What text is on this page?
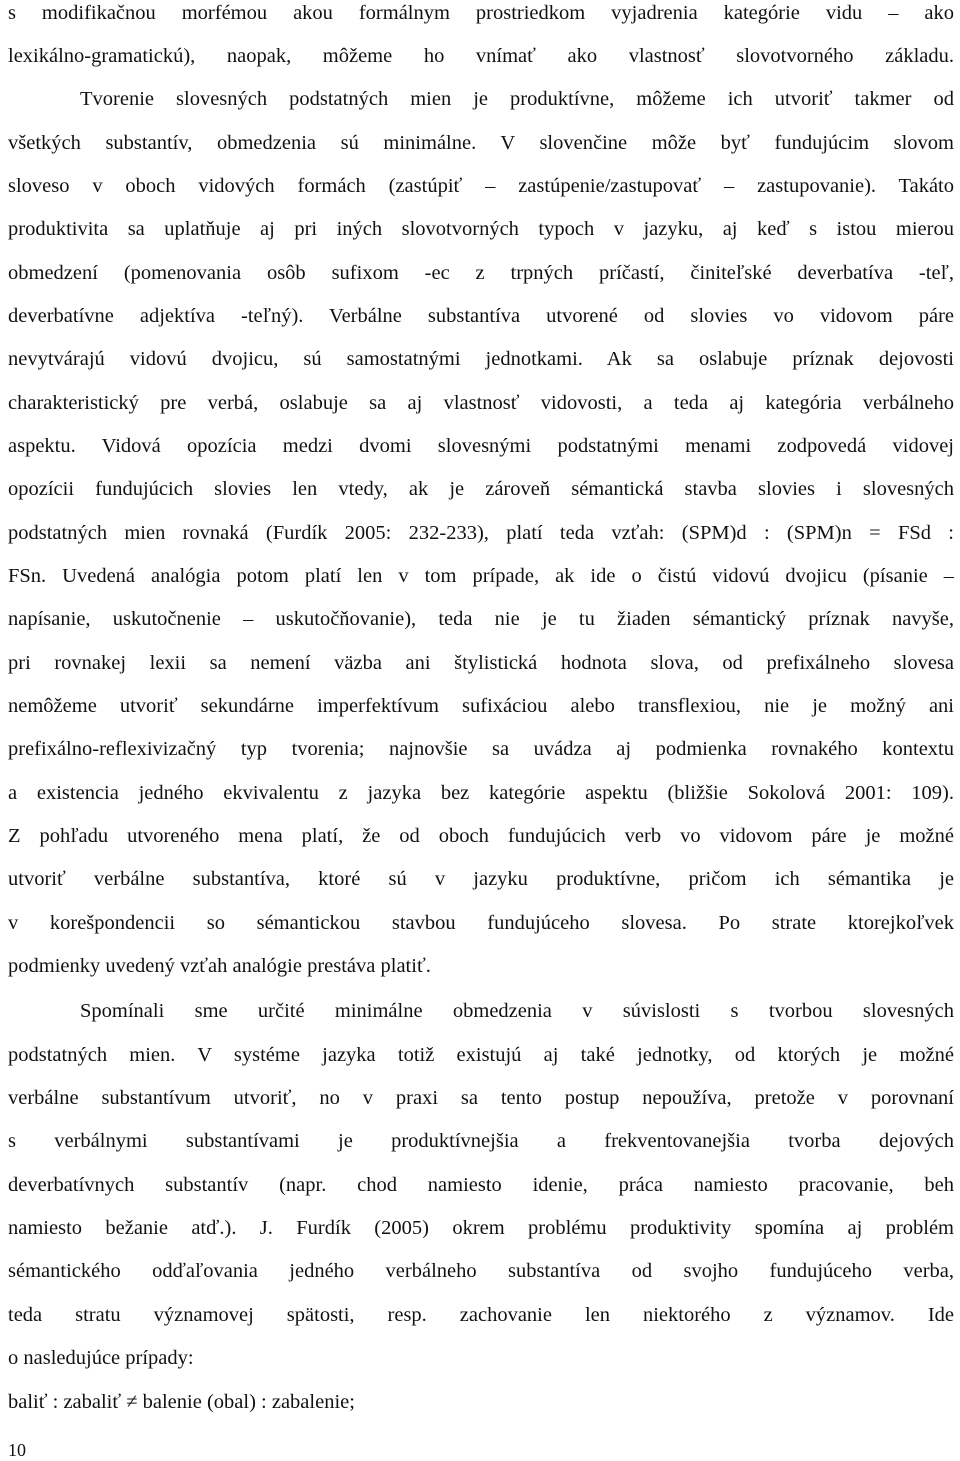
s modifikačnou morfémou akou formálnym prostriedkom vyjadrenia kategórie vidu – ako
lexikálno-gramatickú), naopak, môžeme ho vnímať ako vlastnosť slovotvorného základu.
Tvorenie slovesných podstatných mien je produktívne, môžeme ich utvoriť takmer od
všetkých substantív, obmedzenia sú minimálne. V slovenčine môže byť fundujúcim slovom
sloveso v oboch vidových formách (zastúpiť – zastúpenie/zastupovať – zastupovanie). Takáto
produktivita sa uplatňuje aj pri iných slovotvorných typoch v jazyku, aj keď s istou mierou
obmedzení (pomenovania osôb sufixom -ec z trpných príčastí, činiteľské deverbatíva -teľ,
deverbatívne adjektíva -teľný). Verbálne substantíva utvorené od slovies vo vidovom páre
nevytvárajú vidovú dvojicu, sú samostatnými jednotkami. Ak sa oslabuje príznak dejovosti
charakteristický pre verbá, oslabuje sa aj vlastnosť vidovosti, a teda aj kategória verbálneho
aspektu. Vidová opozícia medzi dvomi slovesnými podstatnými menami zodpovedá vidovej
opozícii fundujúcich slovies len vtedy, ak je zároveň sémantická stavba slovies i slovesných
podstatných mien rovnaká (Furdík 2005: 232-233), platí teda vzťah: (SPM)d : (SPM)n = FSd :
FSn. Uvedená analógia potom platí len v tom prípade, ak ide o čistú vidovú dvojicu (písanie –
napísanie, uskutočnenie – uskutočňovanie), teda nie je tu žiaden sémantický príznak navyše,
pri rovnakej lexii sa nemení väzba ani štylistická hodnota slova, od prefixálneho slovesa
nemôžeme utvoriť sekundárne imperfektívum sufixáciou alebo transflexiou, nie je možný ani
prefixálno-reflexivizačný typ tvorenia; najnovšie sa uvádza aj podmienka rovnakého kontextu
a existencia jedného ekvivalentu z jazyka bez kategórie aspektu (bližšie Sokolová 2001: 109).
Z pohľadu utvoreného mena platí, že od oboch fundujúcich verb vo vidovom páre je možné
utvoriť verbálne substantíva, ktoré sú v jazyku produktívne, pričom ich sémantika je
v korešpondencii so sémantickou stavbou fundujúceho slovesa. Po strate ktorejkoľvek
podmienky uvedený vzťah analógie prestáva platiť.
Spomínali sme určité minimálne obmedzenia v súvislosti s tvorbou slovesných
podstatných mien. V systéme jazyka totiž existujú aj také jednotky, od ktorých je možné
verbálne substantívum utvoriť, no v praxi sa tento postup nepoužíva, pretože v porovnaní
s verbálnymi substantívami je produktívnejšia a frekventovanejšia tvorba dejových
deverbatívnych substantív (napr. chod namiesto idenie, práca namiesto pracovanie, beh
namiesto bežanie atď.). J. Furdík (2005) okrem problému produktivity spomína aj problém
sémantického odďaľovania jedného verbálneho substantíva od svojho fundujúceho verba,
teda stratu významovej spätosti, resp. zachovanie len niektorého z významov. Ide
o nasledujúce prípady:
baliť : zabaliť ≠ balenie (obal) : zabalenie;
10
